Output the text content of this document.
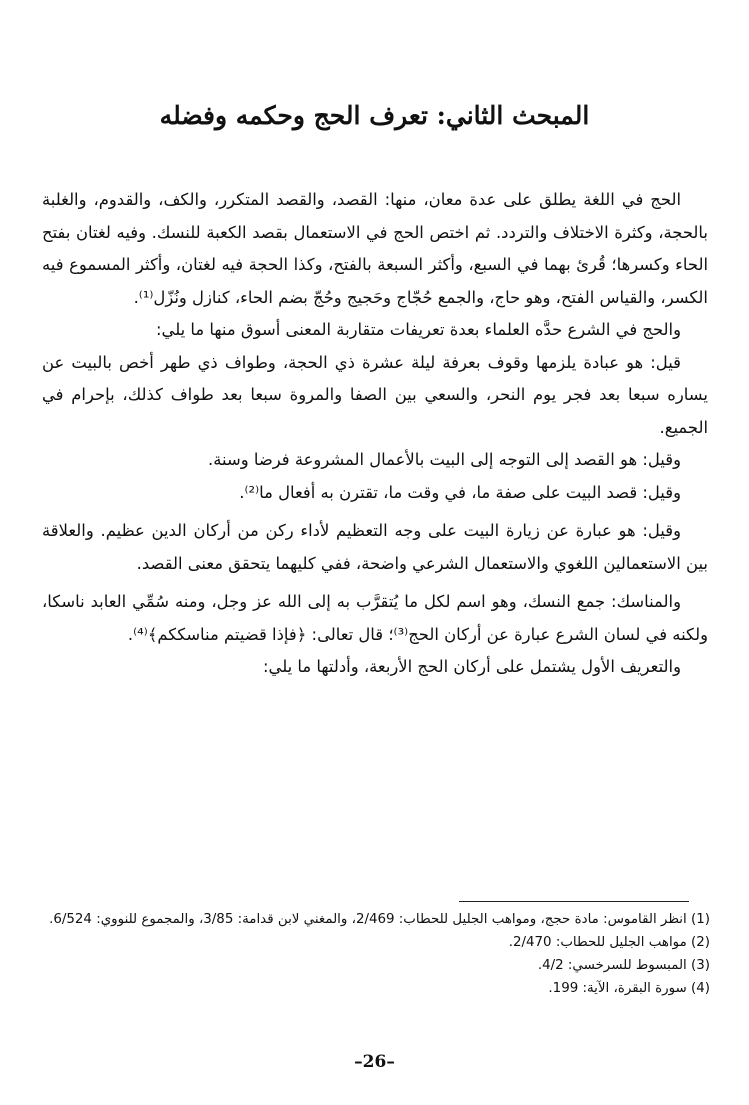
المبحث الثاني: تعرف الحج وحكمه وفضله

الحج في اللغة يطلق على عدة معان، منها: القصد، والقصد المتكرر، والكف، والقدوم، والغلبة بالحجة، وكثرة الاختلاف والتردد. ثم اختص الحج في الاستعمال بقصد الكعبة للنسك. وفيه لغتان بفتح الحاء وكسرها؛ قُرئ بهما في السبع، وأكثر السبعة بالفتح، وكذا الحجة فيه لغتان، وأكثر المسموع فيه الكسر، والقياس الفتح، وهو حاج، والجمع حُجّاج وحَجيج وحُجّ بضم الحاء، كنازل ونُزّل⁽¹⁾.

والحج في الشرع حدَّه العلماء بعدة تعريفات متقاربة المعنى أسوق منها ما يلي:

قيل: هو عبادة يلزمها وقوف بعرفة ليلة عشرة ذي الحجة، وطواف ذي طهر أخص بالبيت عن يساره سبعا بعد فجر يوم النحر، والسعي بين الصفا والمروة سبعا بعد طواف كذلك، بإحرام في الجميع.

وقيل: هو القصد إلى التوجه إلى البيت بالأعمال المشروعة فرضا وسنة.

وقيل: قصد البيت على صفة ما، في وقت ما، تقترن به أفعال ما⁽²⁾.

وقيل: هو عبارة عن زيارة البيت على وجه التعظيم لأداء ركن من أركان الدين عظيم. والعلاقة بين الاستعمالين اللغوي والاستعمال الشرعي واضحة، ففي كليهما يتحقق معنى القصد.

والمناسك: جمع النسك، وهو اسم لكل ما يُتقرَّب به إلى الله عز وجل، ومنه سُمِّي العابد ناسكا، ولكنه في لسان الشرع عبارة عن أركان الحج⁽³⁾؛ قال تعالى: ﴿فإذا قضيتم مناسككم﴾⁽⁴⁾.

والتعريف الأول يشتمل على أركان الحج الأربعة، وأدلتها ما يلي:

(1) انظر القاموس: مادة حجج، ومواهب الجليل للحطاب: 2/469، والمغني لابن قدامة: 3/85، والمجموع للنووي: 6/524.

(2) مواهب الجليل للحطاب: 2/470.

(3) المبسوط للسرخسي: 4/2.

(4) سورة البقرة، الآية: 199.

–26–
